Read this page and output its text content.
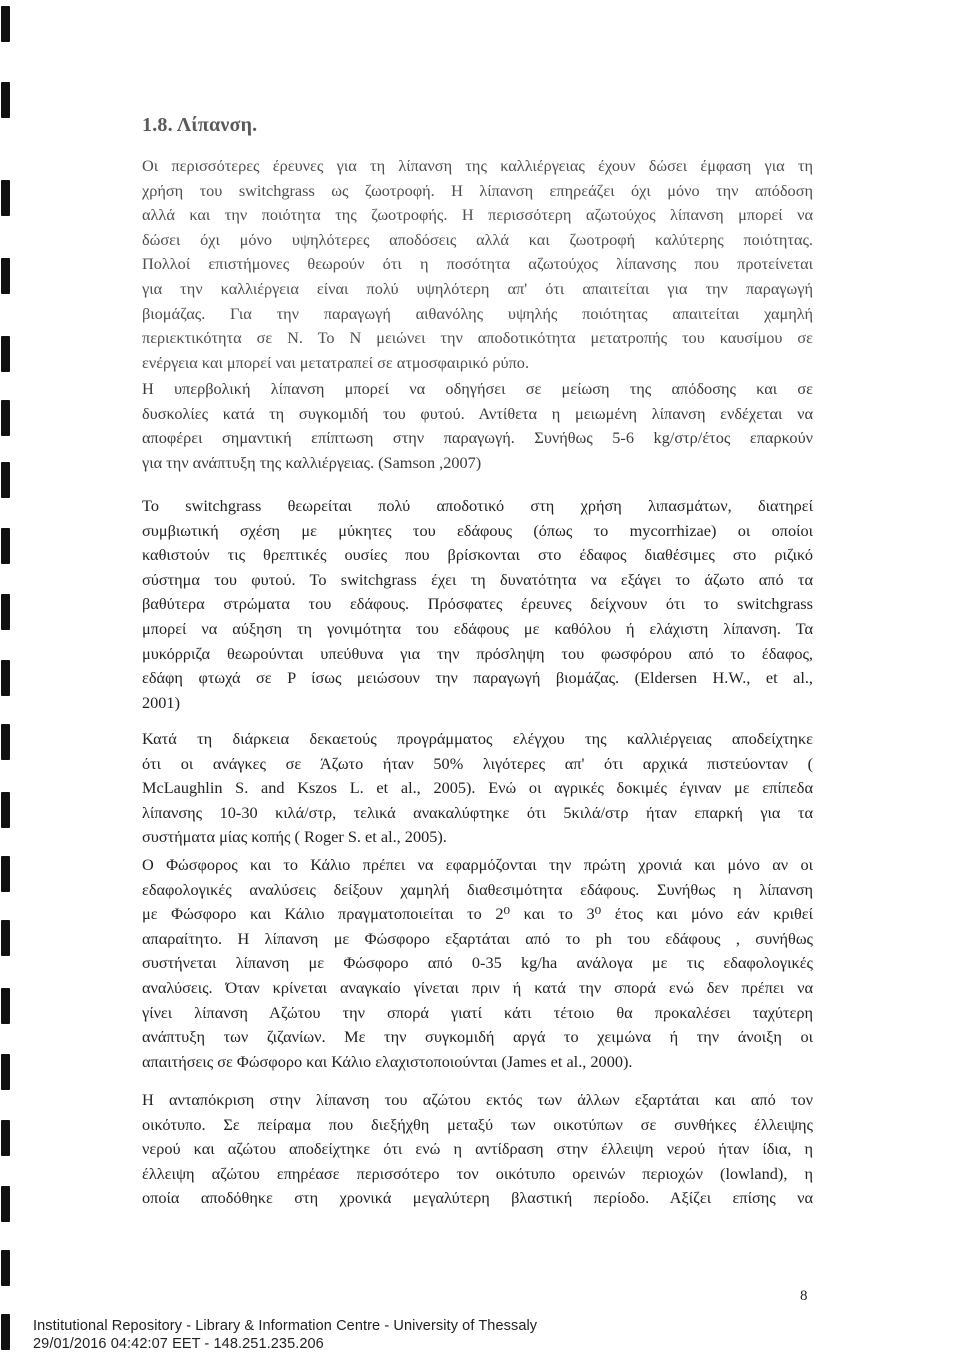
1.8. Λίπανση.
Οι περισσότερες έρευνες για τη λίπανση της καλλιέργειας έχουν δώσει έμφαση για τη
χρήση του switchgrass ως ζωοτροφή. Η λίπανση επηρεάζει όχι μόνο την απόδοση
αλλά και την ποιότητα της ζωοτροφής. Η περισσότερη αζωτούχος λίπανση μπορεί να
δώσει όχι μόνο υψηλότερες αποδόσεις αλλά και ζωοτροφή καλύτερης ποιότητας.
Πολλοί επιστήμονες θεωρούν ότι η ποσότητα αζωτούχος λίπανσης που προτείνεται
για την καλλιέργεια είναι πολύ υψηλότερη απ' ότι απαιτείται για την παραγωγή
βιομάζας. Για την παραγωγή αιθανόλης υψηλής ποιότητας απαιτείται χαμηλή
περιεκτικότητα σε Ν. Το Ν μειώνει την αποδοτικότητα μετατροπής του καυσίμου σε
ενέργεια και μπορεί ναι μετατραπεί σε ατμοσφαιρικό ρύπο.
Η υπερβολική λίπανση μπορεί να οδηγήσει σε μείωση της απόδοσης και σε
δυσκολίες κατά τη συγκομιδή του φυτού. Αντίθετα η μειωμένη λίπανση ενδέχεται να
αποφέρει σημαντική επίπτωση στην παραγωγή. Συνήθως 5-6 kg/στρ/έτος επαρκούν
για την ανάπτυξη της καλλιέργειας. (Samson ,2007)
Το switchgrass θεωρείται πολύ αποδοτικό στη χρήση λιπασμάτων, διατηρεί
συμβιωτική σχέση με μύκητες του εδάφους (όπως το mycorrhizae) οι οποίοι
καθιστούν τις θρεπτικές ουσίες που βρίσκονται στο έδαφος διαθέσιμες στο ριζικό
σύστημα του φυτού. Το switchgrass έχει τη δυνατότητα να εξάγει το άζωτο από τα
βαθύτερα στρώματα του εδάφους. Πρόσφατες έρευνες δείχνουν ότι το switchgrass
μπορεί να αύξηση τη γονιμότητα του εδάφους με καθόλου ή ελάχιστη λίπανση. Τα
μυκόρριζα θεωρούνται υπεύθυνα για την πρόσληψη του φωσφόρου από το έδαφος,
εδάφη φτωχά σε P ίσως μειώσουν την παραγωγή βιομάζας. (Eldersen H.W., et al.,
2001)
Κατά τη διάρκεια δεκαετούς προγράμματος ελέγχου της καλλιέργειας αποδείχτηκε
ότι οι ανάγκες σε Άζωτο ήταν 50% λιγότερες απ' ότι αρχικά πιστεύονταν (
McLaughlin S. and Kszos L. et al., 2005). Ενώ οι αγρικές δοκιμές έγιναν με επίπεδα
λίπανσης 10-30 κιλά/στρ, τελικά ανακαλύφτηκε ότι 5κιλά/στρ ήταν επαρκή για τα
συστήματα μίας κοπής ( Roger S. et al., 2005).
Ο Φώσφορος και το Κάλιο πρέπει να εφαρμόζονται την πρώτη χρονιά και μόνο αν οι
εδαφολογικές αναλύσεις δείξουν χαμηλή διαθεσιμότητα εδάφους. Συνήθως η λίπανση
με Φώσφορο και Κάλιο πραγματοποιείται το 2⁰ και το 3⁰ έτος και μόνο εάν κριθεί
απαραίτητο. Η λίπανση με Φώσφορο εξαρτάται από το ph του εδάφους , συνήθως
συστήνεται λίπανση με Φώσφορο από 0-35 kg/ha ανάλογα με τις εδαφολογικές
αναλύσεις. Όταν κρίνεται αναγκαίο γίνεται πριν ή κατά την σπορά ενώ δεν πρέπει να
γίνει λίπανση Αζώτου την σπορά γιατί κάτι τέτοιο θα προκαλέσει ταχύτερη
ανάπτυξη των ζιζανίων. Με την συγκομιδή αργά το χειμώνα ή την άνοιξη οι
απαιτήσεις σε Φώσφορο και Κάλιο ελαχιστοποιούνται (James et al., 2000).
Η ανταπόκριση στην λίπανση του αζώτου εκτός των άλλων εξαρτάται και από τον
οικότυπο. Σε πείραμα που διεξήχθη μεταξύ των οικοτύπων σε συνθήκες έλλειψης
νερού και αζώτου αποδείχτηκε ότι ενώ η αντίδραση στην έλλειψη νερού ήταν ίδια, η
έλλειψη αζώτου επηρέασε περισσότερο τον οικότυπο ορεινών περιοχών (lowland), η
οποία αποδόθηκε στη χρονικά μεγαλύτερη βλαστική περίοδο. Αξίζει επίσης να
8
Institutional Repository - Library & Information Centre - University of Thessaly
29/01/2016 04:42:07 EET - 148.251.235.206
